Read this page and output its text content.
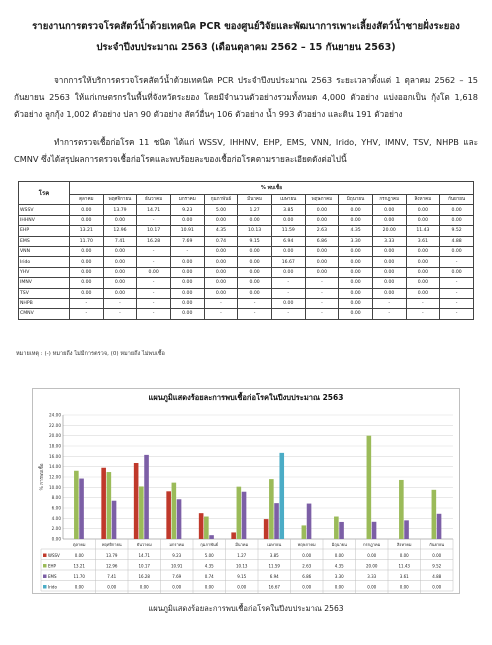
รายงานการตรวจโรคสัตว์น้ำด้วยเทคนิค PCR ของศูนย์วิจัยและพัฒนาการเพาะเลี้ยงสัตว์น้ำชายฝั่งระยอง
ประจำปีงบประมาณ 2563 (เดือนตุลาคม 2562 – 15 กันยายน 2563)
จากการให้บริการตรวจโรคสัตว์น้ำด้วยเทคนิค PCR ประจำปีงบประมาณ 2563 ระยะเวลาตั้งแต่ 1 ตุลาคม 2562 – 15 กันยายน 2563 ให้แก่เกษตรกรในพื้นที่จังหวัดระยอง โดยมีจำนวนตัวอย่างรวมทั้งหมด 4,000 ตัวอย่าง แบ่งออกเป็น กุ้งโต 1,618 ตัวอย่าง ลูกกุ้ง 1,002 ตัวอย่าง ปลา 90 ตัวอย่าง สัตว์อื่นๆ 106 ตัวอย่าง น้ำ 993 ตัวอย่าง และดิน 191 ตัวอย่าง
ทำการตรวจเชื้อก่อโรค 11 ชนิด ได้แก่ WSSV, IHHNV, EHP, EMS, VNN, Irido, YHV, IMNV, TSV, NHPB และ CMNV ซึ่งได้สรุปผลการตรวจเชื้อก่อโรคและพบร้อยละของเชื้อก่อโรคตามรายละเอียดดังต่อไปนี้
โรค	% พบเชื้อ											
	ตุลาคม	พฤศจิกายน	ธันวาคม	มกราคม	กุมภาพันธ์	มีนาคม	เมษายน	พฤษภาคม	มิถุนายน	กรกฎาคม	สิงหาคม	กันยายน
WSSV	0.00	13.79	14.71	9.23	5.00	1.27	3.85	0.00	0.00	0.00	0.00	0.00
IHHNV	0.00	0.00	-	0.00	0.00	0.00	0.00	0.00	0.00	0.00	0.00	0.00
EHP	13.21	12.96	10.17	10.91	4.35	10.13	11.59	2.63	4.35	20.00	11.43	9.52
EMS	11.70	7.41	16.28	7.69	0.74	9.15	6.94	6.86	3.30	3.33	3.61	4.88
VNN	0.00	0.00	-	-	0.00	0.00	0.00	0.00	0.00	0.00	0.00	0.00
Irido	0.00	0.00	-	0.00	0.00	0.00	16.67	0.00	0.00	0.00	0.00	-
YHV	0.00	0.00	0.00	0.00	0.00	0.00	0.00	0.00	0.00	0.00	0.00	0.00
IMNV	0.00	0.00	-	0.00	0.00	0.00	-	-	0.00	0.00	0.00	-
TSV	0.00	0.00	-	0.00	0.00	0.00	-	-	0.00	0.00	0.00	-
NHPB	-	-	-	0.00	-	-	0.00	-	0.00	-	-	-
CMNV	-	-	-	0.00	-	-	-	-	0.00	-	-	-
หมายเหตุ : (-) หมายถึง ไม่มีการตรวจ, (0) หมายถึง ไม่พบเชื้อ
แผนภูมิแสดงร้อยละการพบเชื้อก่อโรคในปีงบประมาณ 2563
0.00
2.00
4.00
6.00
8.00
10.00
12.00
14.00
16.00
18.00
20.00
22.00
24.00
% การพบเชื้อ
ตุลาคม	พฤศจิกายน	ธันวาคม	มกราคม	กุมภาพันธ์	มีนาคม	เมษายน	พฤษภาคม	มิถุนายน	กรกฎาคม	สิงหาคม	กันยายน
WSSV	0.00	13.79	14.71	9.23	5.00	1.27	3.85	0.00	0.00	0.00	0.00	0.00
EHP	13.21	12.96	10.17	10.91	4.35	10.13	11.59	2.63	4.35	20.00	11.43	9.52
EMS	11.70	7.41	16.28	7.69	0.74	9.15	6.94	6.86	3.30	3.33	3.61	4.88
Irido	0.00	0.00	0.00	0.00	0.00	0.00	16.67	0.00	0.00	0.00	0.00	0.00
แผนภูมิแสดงร้อยละการพบเชื้อก่อโรคในปีงบประมาณ 2563
